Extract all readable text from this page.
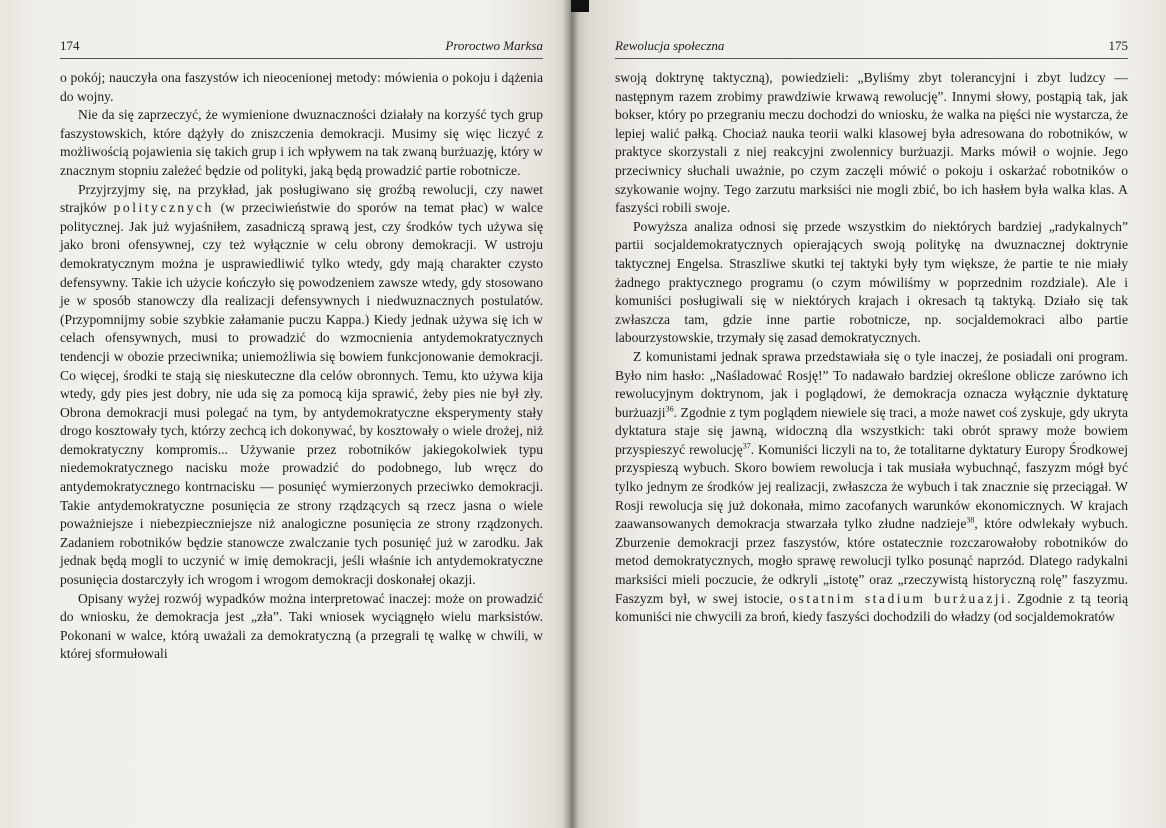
174	Proroctwo Marksa

o pokój; nauczyła ona faszystów ich nieocenionej metody: mówienia o pokoju i dążenia do wojny.

Nie da się zaprzeczyć, że wymienione dwuznaczności działały na korzyść tych grup faszystowskich, które dążyły do zniszczenia demokracji. Musimy się więc liczyć z możliwością pojawienia się takich grup i ich wpływem na tak zwaną burżuazję, który w znacznym stopniu zależeć będzie od polityki, jaką będą prowadzić partie robotnicze.

Przyjrzyjmy się, na przykład, jak posługiwano się groźbą rewolucji, czy nawet strajków politycznych (w przeciwieństwie do sporów na temat płac) w walce politycznej. Jak już wyjaśniłem, zasadniczą sprawą jest, czy środków tych używa się jako broni ofensywnej, czy też wyłącznie w celu obrony demokracji. W ustroju demokratycznym można je usprawiedliwić tylko wtedy, gdy mają charakter czysto defensywny. Takie ich użycie kończyło się powodzeniem zawsze wtedy, gdy stosowano je w sposób stanowczy dla realizacji defensywnych i niedwuznacznych postulatów. (Przypomnijmy sobie szybkie załamanie puczu Kappa.) Kiedy jednak używa się ich w celach ofensywnych, musi to prowadzić do wzmocnienia antydemokratycznych tendencji w obozie przeciwnika; uniemożliwia się bowiem funkcjonowanie demokracji. Co więcej, środki te stają się nieskuteczne dla celów obronnych. Temu, kto używa kija wtedy, gdy pies jest dobry, nie uda się za pomocą kija sprawić, żeby pies nie był zły. Obrona demokracji musi polegać na tym, by antydemokratyczne eksperymenty stały drogo kosztowały tych, którzy zechcą ich dokonywać, by kosztowały o wiele drożej, niż demokratyczny kompromis... Używanie przez robotników jakiegokolwiek typu niedemokratycznego nacisku może prowadzić do podobnego, lub wręcz do antydemokratycznego kontrnacisku — posunięć wymierzonych przeciwko demokracji. Takie antydemokratyczne posunięcia ze strony rządzących są rzecz jasna o wiele poważniejsze i niebezpieczniejsze niż analogiczne posunięcia ze strony rządzonych. Zadaniem robotników będzie stanowcze zwalczanie tych posunięć już w zarodku. Jak jednak będą mogli to uczynić w imię demokracji, jeśli właśnie ich antydemokratyczne posunięcia dostarczyły ich wrogom i wrogom demokracji doskonałej okazji.

Opisany wyżej rozwój wypadków można interpretować inaczej: może on prowadzić do wniosku, że demokracja jest „zła”. Taki wniosek wyciągnęło wielu marksistów. Pokonani w walce, którą uważali za demokratyczną (a przegrali tę walkę w chwili, w której sformułowali

Rewolucja społeczna	175

swoją doktrynę taktyczną), powiedzieli: „Byliśmy zbyt tolerancyjni i zbyt ludzcy — następnym razem zrobimy prawdziwie krwawą rewolucję”. Innymi słowy, postąpią tak, jak bokser, który po przegraniu meczu dochodzi do wniosku, że walka na pięści nie wystarcza, że lepiej walić pałką. Chociaż nauka teorii walki klasowej była adresowana do robotników, w praktyce skorzystali z niej reakcyjni zwolennicy burżuazji. Marks mówił o wojnie. Jego przeciwnicy słuchali uważnie, po czym zaczęli mówić o pokoju i oskarżać robotników o szykowanie wojny. Tego zarzutu marksiści nie mogli zbić, bo ich hasłem była walka klas. A faszyści robili swoje.

Powyższa analiza odnosi się przede wszystkim do niektórych bardziej „radykalnych” partii socjaldemokratycznych opierających swoją politykę na dwuznacznej doktrynie taktycznej Engelsa. Straszliwe skutki tej taktyki były tym większe, że partie te nie miały żadnego praktycznego programu (o czym mówiliśmy w poprzednim rozdziale). Ale i komuniści posługiwali się w niektórych krajach i okresach tą taktyką. Działo się tak zwłaszcza tam, gdzie inne partie robotnicze, np. socjaldemokraci albo partie labourzystowskie, trzymały się zasad demokratycznych.

Z komunistami jednak sprawa przedstawiała się o tyle inaczej, że posiadali oni program. Było nim hasło: „Naśladować Rosję!” To nadawało bardziej określone oblicze zarówno ich rewolucyjnym doktrynom, jak i poglądowi, że demokracja oznacza wyłącznie dyktaturę burżuazji$^{36}$. Zgodnie z tym poglądem niewiele się traci, a może nawet coś zyskuje, gdy ukryta dyktatura staje się jawną, widoczną dla wszystkich: taki obrót sprawy może bowiem przyspieszyć rewolucję$^{37}$. Komuniści liczyli na to, że totalitarne dyktatury Europy Środkowej przyspieszą wybuch. Skoro bowiem rewolucja i tak musiała wybuchnąć, faszyzm mógł być tylko jednym ze środków jej realizacji, zwłaszcza że wybuch i tak znacznie się przeciągał. W Rosji rewolucja się już dokonała, mimo zacofanych warunków ekonomicznych. W krajach zaawansowanych demokracja stwarzała tylko złudne nadzieje$^{38}$, które odwlekały wybuch. Zburzenie demokracji przez faszystów, które ostatecznie rozczarowałoby robotników do metod demokratycznych, mogło sprawę rewolucji tylko posunąć naprzód. Dlatego radykalni marksiści mieli poczucie, że odkryli „istotę” oraz „rzeczywistą historyczną rolę” faszyzmu. Faszyzm był, w swej istocie, ostatnim stadium burżuazji. Zgodnie z tą teorią komuniści nie chwycili za broń, kiedy faszyści dochodzili do władzy (od socjaldemokratów
